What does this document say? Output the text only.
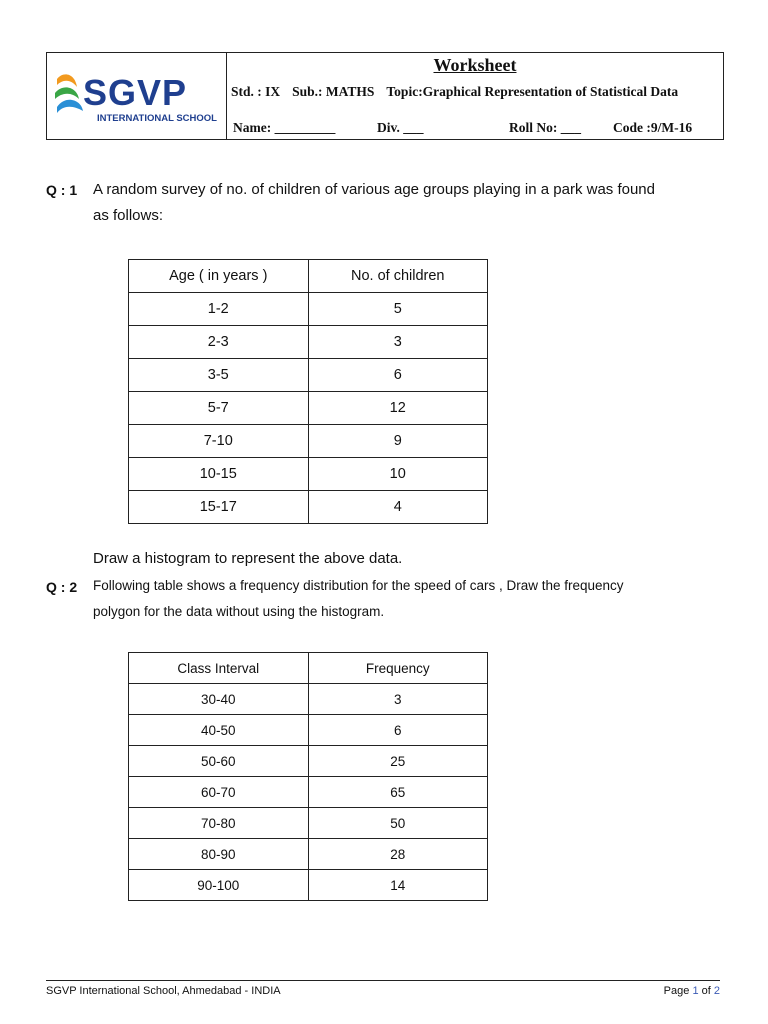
SGVP
INTERNATIONAL SCHOOL
Worksheet
Std. : IX Sub.: MATHS Topic:Graphical Representation of Statistical Data
Name: _________	Div. ___	Roll No: ___ Code :9/M-16
Q : 1 A random survey of no. of children of various age groups playing in a park was found
as follows:
Age ( in years )	No. of children
1-2	5
2-3	3
3-5	6
5-7	12
7-10	9
10-15	10
15-17	4
Draw a histogram to represent the above data.
Q : 2 Following table shows a frequency distribution for the speed of cars , Draw the frequency
polygon for the data without using the histogram.
Class Interval	Frequency
30-40	3
40-50	6
50-60	25
60-70	65
70-80	50
80-90	28
90-100	14
SGVP International School, Ahmedabad - INDIA	Page 1 of 2
